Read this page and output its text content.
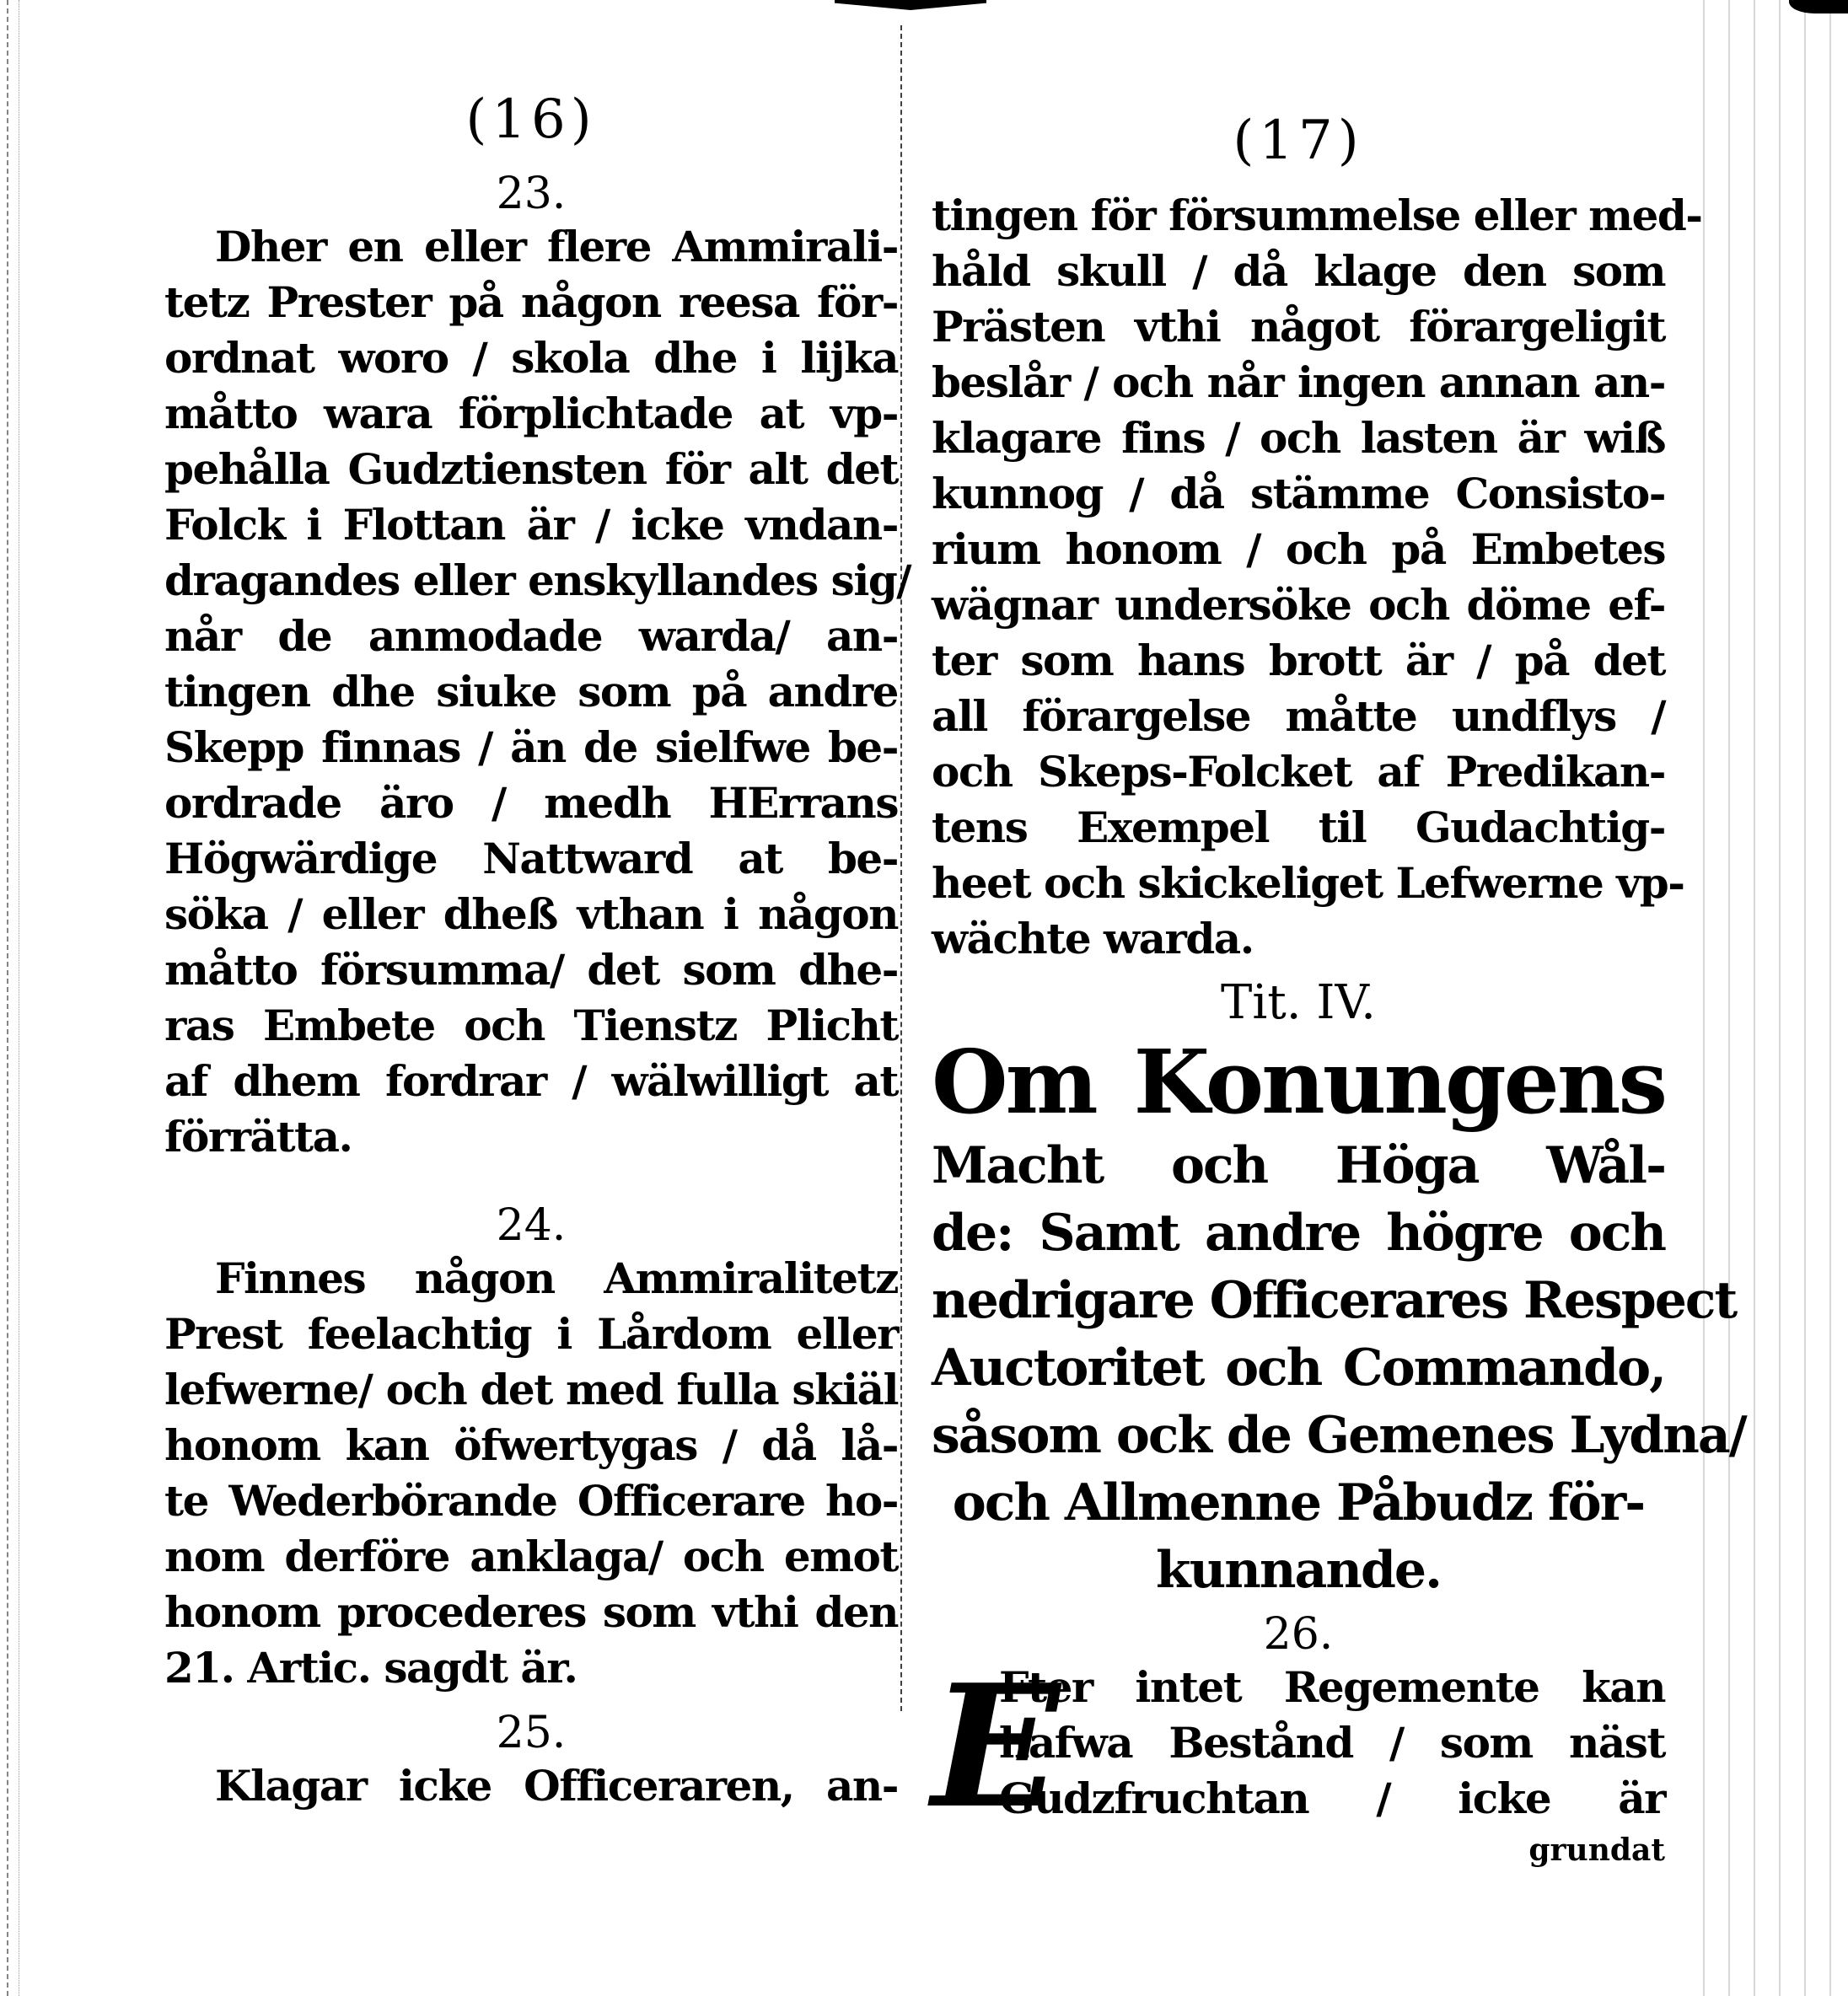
(16)
23.
Dher en eller flere Ammirali-
tetz Prester på någon reesa för-
ordnat woro / skola dhe i lijka
måtto wara förplichtade at vp-
pehålla Gudztiensten för alt det
Folck i Flottan är / icke vndan-
dragandes eller enskyllandes sig/
når de anmodade warda/ an-
tingen dhe siuke som på andre
Skepp finnas / än de sielfwe be-
ordrade äro / medh HErrans
Högwärdige Nattward at be-
söka / eller dheß vthan i någon
måtto försumma/ det som dhe-
ras Embete och Tienstz Plicht
af dhem fordrar / wälwilligt at
förrätta.
24.
Finnes någon Ammiralitetz
Prest feelachtig i Lårdom eller
lefwerne/ och det med fulla skiäl
honom kan öfwertygas / då lå-
te Wederbörande Officerare ho-
nom derföre anklaga/ och emot
honom procederes som vthi den
21. Artic. sagdt är.
25.
Klagar icke Officeraren, an-
(17)
tingen för försummelse eller med-
håld skull / då klage den som
Prästen vthi något förargeligit
beslår / och når ingen annan an-
klagare fins / och lasten är wiß
kunnog / då stämme Consisto-
rium honom / och på Embetes
wägnar undersöke och döme ef-
ter som hans brott är / på det
all förargelse måtte undflys /
och Skeps-Folcket af Predikan-
tens Exempel til Gudachtig-
heet och skickeliget Lefwerne vp-
wächte warda.
Tit. IV.
Om Konungens
Macht och Höga Wål-
de: Samt andre högre och
nedrigare Officerares Respect
Auctoritet och Commando,
såsom ock de Gemenes Lydna/
och Allmenne Påbudz för-
kunnande.
26.
E
Fter intet Regemente kan
hafwa Bestånd / som näst
Gudzfruchtan / icke är
grundat
